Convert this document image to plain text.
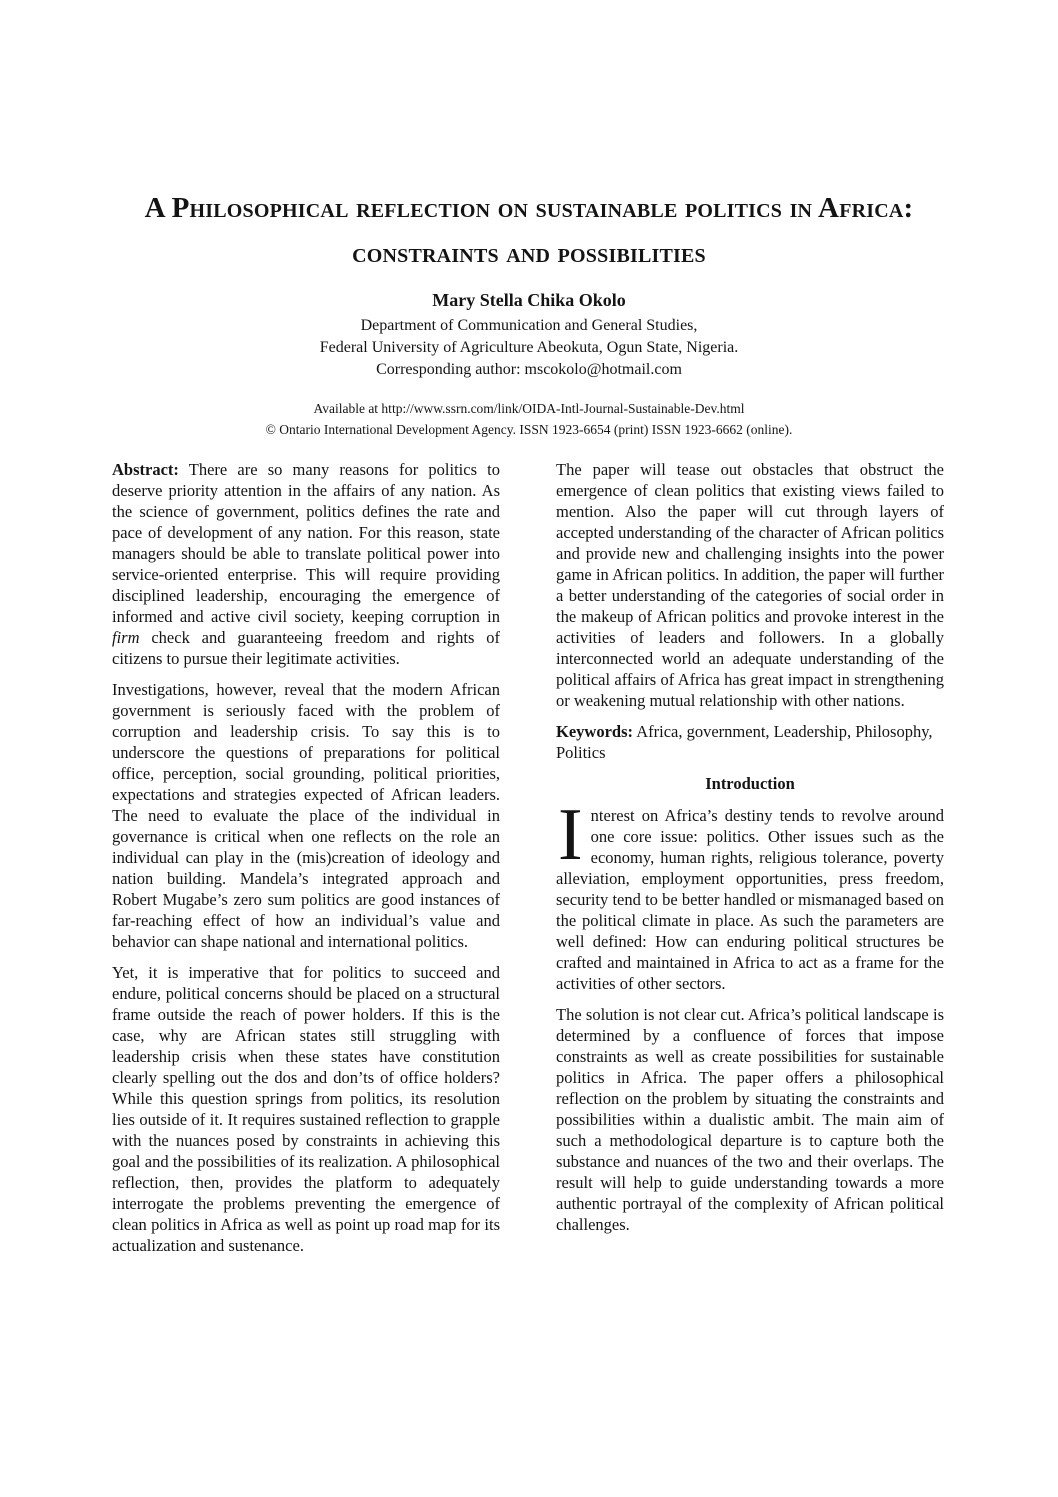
A Philosophical reflection on sustainable politics in Africa: constraints and possibilities
Mary Stella Chika Okolo
Department of Communication and General Studies,
Federal University of Agriculture Abeokuta, Ogun State, Nigeria.
Corresponding author: mscokolo@hotmail.com
Available at http://www.ssrn.com/link/OIDA-Intl-Journal-Sustainable-Dev.html
© Ontario International Development Agency. ISSN 1923-6654 (print) ISSN 1923-6662 (online).

Abstract: There are so many reasons for politics to deserve priority attention in the affairs of any nation. As the science of government, politics defines the rate and pace of development of any nation. For this reason, state managers should be able to translate political power into service-oriented enterprise. This will require providing disciplined leadership, encouraging the emergence of informed and active civil society, keeping corruption in firm check and guaranteeing freedom and rights of citizens to pursue their legitimate activities.

Investigations, however, reveal that the modern African government is seriously faced with the problem of corruption and leadership crisis. To say this is to underscore the questions of preparations for political office, perception, social grounding, political priorities, expectations and strategies expected of African leaders. The need to evaluate the place of the individual in governance is critical when one reflects on the role an individual can play in the (mis)creation of ideology and nation building. Mandela’s integrated approach and Robert Mugabe’s zero sum politics are good instances of far-reaching effect of how an individual’s value and behavior can shape national and international politics.

Yet, it is imperative that for politics to succeed and endure, political concerns should be placed on a structural frame outside the reach of power holders. If this is the case, why are African states still struggling with leadership crisis when these states have constitution clearly spelling out the dos and don’ts of office holders? While this question springs from politics, its resolution lies outside of it. It requires sustained reflection to grapple with the nuances posed by constraints in achieving this goal and the possibilities of its realization. A philosophical reflection, then, provides the platform to adequately interrogate the problems preventing the emergence of clean politics in Africa as well as point up road map for its actualization and sustenance.

The paper will tease out obstacles that obstruct the emergence of clean politics that existing views failed to mention. Also the paper will cut through layers of accepted understanding of the character of African politics and provide new and challenging insights into the power game in African politics. In addition, the paper will further a better understanding of the categories of social order in the makeup of African politics and provoke interest in the activities of leaders and followers. In a globally interconnected world an adequate understanding of the political affairs of Africa has great impact in strengthening or weakening mutual relationship with other nations.

Keywords: Africa, government, Leadership, Philosophy, Politics

Introduction

Interest on Africa’s destiny tends to revolve around one core issue: politics. Other issues such as the economy, human rights, religious tolerance, poverty alleviation, employment opportunities, press freedom, security tend to be better handled or mismanaged based on the political climate in place. As such the parameters are well defined: How can enduring political structures be crafted and maintained in Africa to act as a frame for the activities of other sectors.

The solution is not clear cut. Africa’s political landscape is determined by a confluence of forces that impose constraints as well as create possibilities for sustainable politics in Africa. The paper offers a philosophical reflection on the problem by situating the constraints and possibilities within a dualistic ambit. The main aim of such a methodological departure is to capture both the substance and nuances of the two and their overlaps. The result will help to guide understanding towards a more authentic portrayal of the complexity of African political challenges.
